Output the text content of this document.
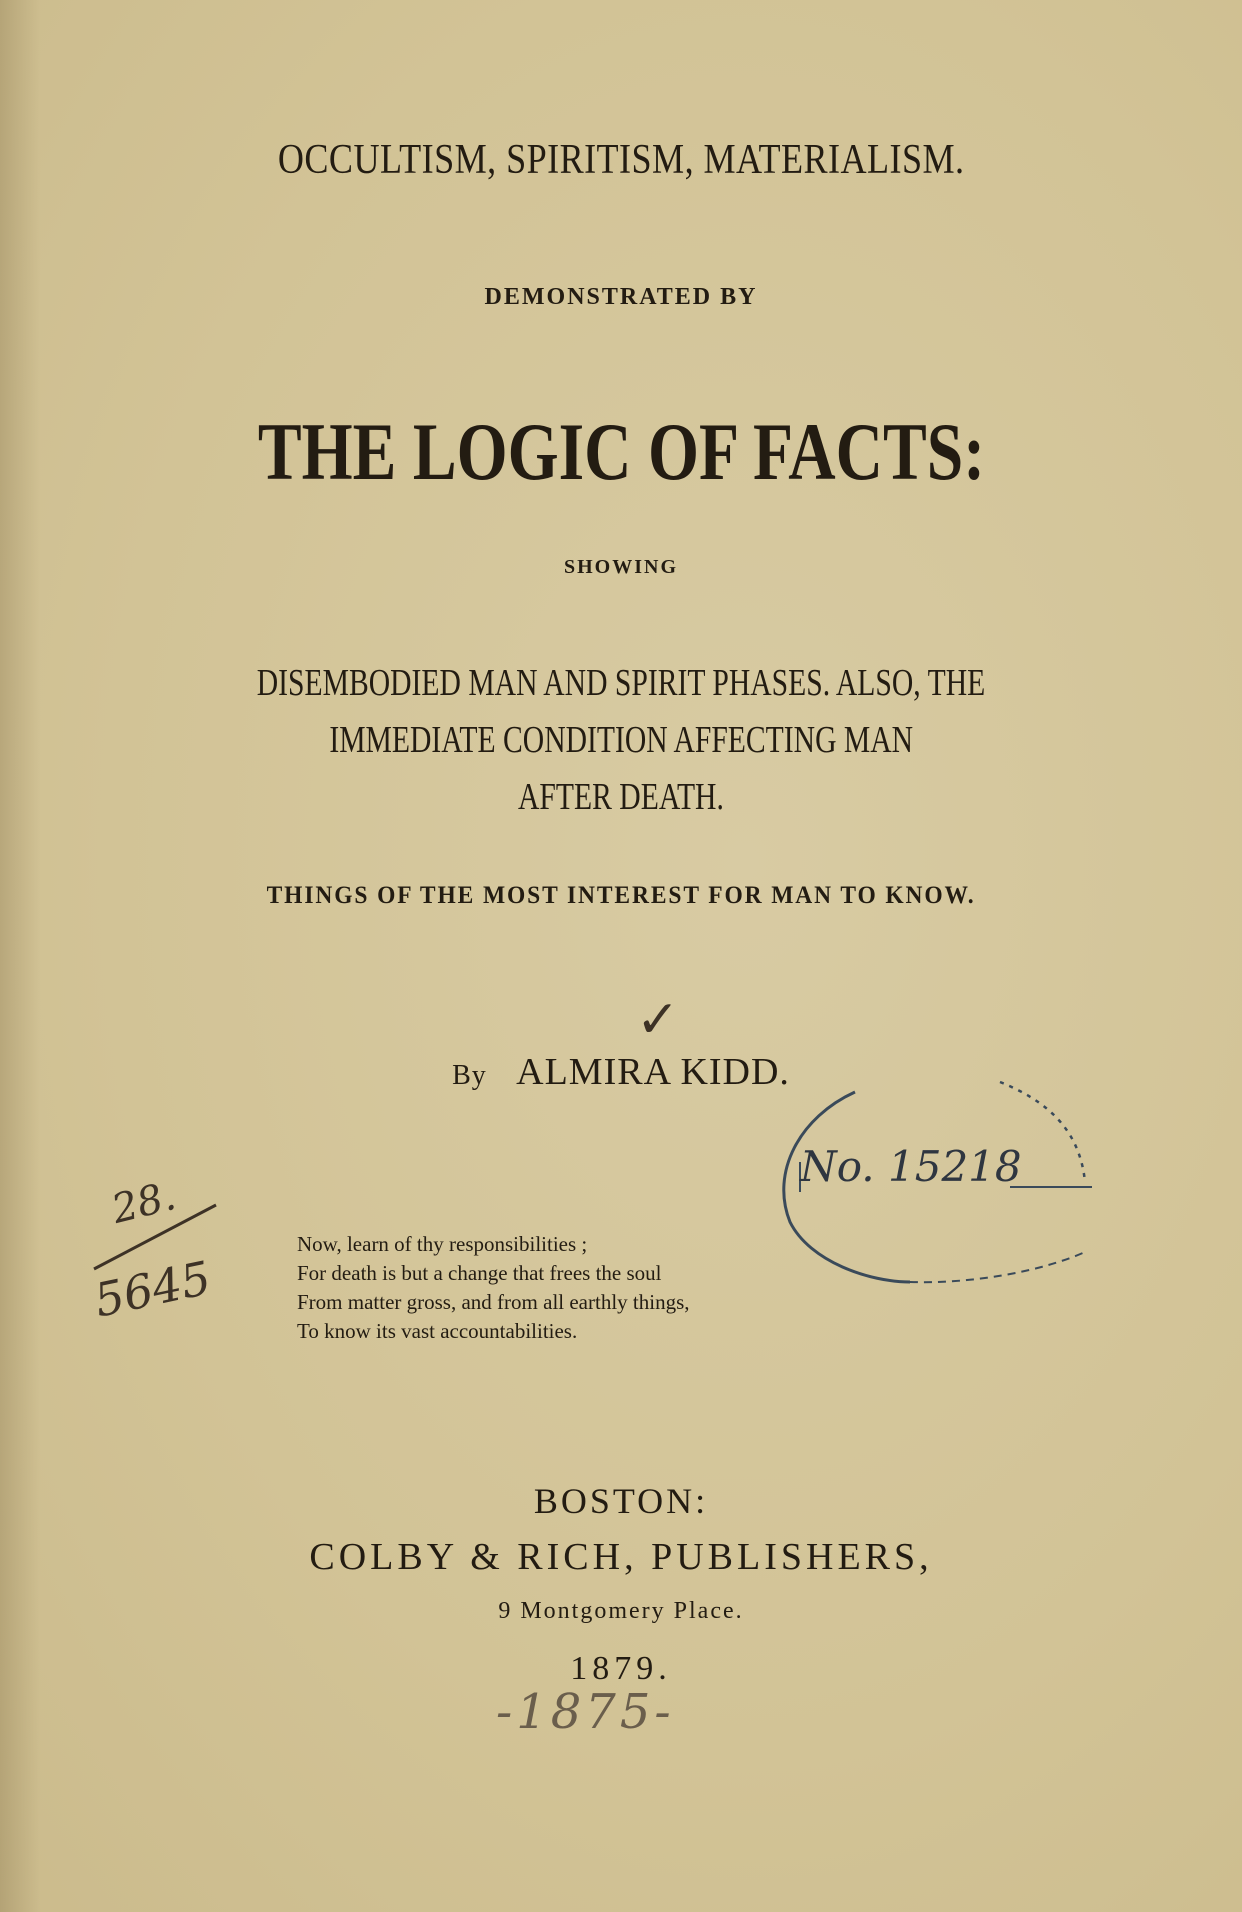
OCCULTISM, SPIRITISM, MATERIALISM.
DEMONSTRATED BY
THE LOGIC OF FACTS:
SHOWING
DISEMBODIED MAN AND SPIRIT PHASES. ALSO, THE
IMMEDIATE CONDITION AFFECTING MAN
AFTER DEATH.
THINGS OF THE MOST INTEREST FOR MAN TO KNOW.
By ALMIRA KIDD.
Now, learn of thy responsibilities ;
For death is but a change that frees the soul
From matter gross, and from all earthly things,
To know its vast accountabilities.
BOSTON:
COLBY & RICH, PUBLISHERS,
9 Montgomery Place.
1879.
✓
28.
5645
-1875-
No. 15218
